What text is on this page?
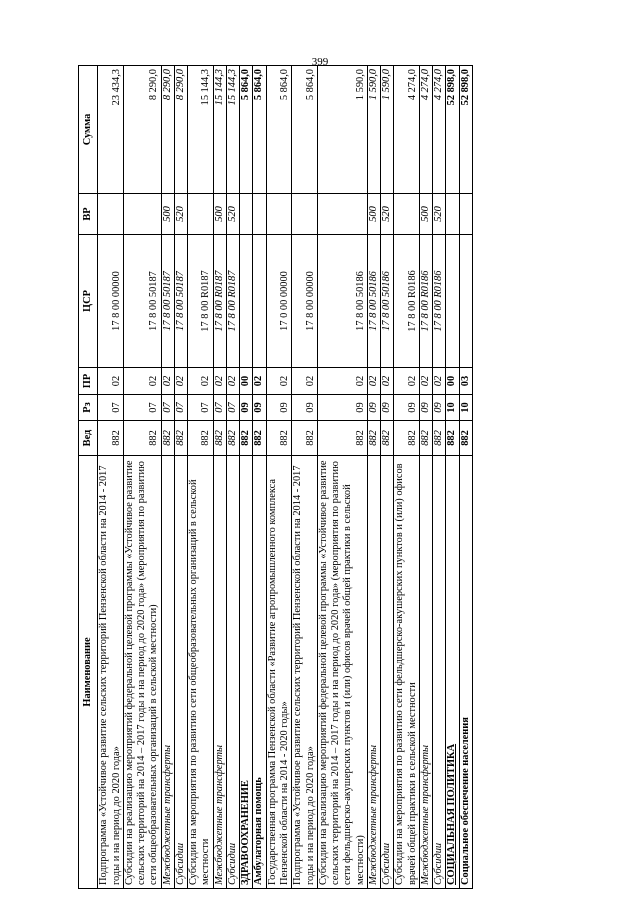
399
Наименование	Вед	Рз	ПР	ЦСР	ВР	Сумма
Подпрограмма «Устойчивое развитие сельских территорий Пензенской области на 2014 - 2017 годы и на период до 2020 года»	882	07	02	17 8 00 00000		23 434,3
Субсидии на реализацию мероприятий федеральной целевой программы «Устойчивое развитие сельских территорий на 2014 – 2017 годы и на период до 2020 года» (мероприятия по развитию сети общеобразовательных организаций в сельской местности)	882	07	02	17 8 00 50187		8 290,0
Межбюджетные трансферты	882	07	02	17 8 00 50187	500	8 290,0
Субсидии	882	07	02	17 8 00 50187	520	8 290,0
Субсидии на мероприятия по развитию сети общеобразовательных организаций в сельской местности	882	07	02	17 8 00 R0187		15 144,3
Межбюджетные трансферты	882	07	02	17 8 00 R0187	500	15 144,3
Субсидии	882	07	02	17 8 00 R0187	520	15 144,3
ЗДРАВООХРАНЕНИЕ	882	09	00			5 864,0
Амбулаторная помощь	882	09	02			5 864,0
Государственная программа Пензенской области «Развитие агропромышленного комплекса Пензенской области на 2014 - 2020 годы»	882	09	02	17 0 00 00000		5 864,0
Подпрограмма «Устойчивое развитие сельских территорий Пензенской области на 2014 - 2017 годы и на период до 2020 года»	882	09	02	17 8 00 00000		5 864,0
Субсидии на реализацию мероприятий федеральной целевой программы «Устойчивое развитие сельских территорий на 2014 – 2017 годы и на период до 2020 года» (мероприятия по развитию сети фельдшерско-акушерских пунктов и (или) офисов врачей общей практики в сельской местности)	882	09	02	17 8 00 50186		1 590,0
Межбюджетные трансферты	882	09	02	17 8 00 50186	500	1 590,0
Субсидии	882	09	02	17 8 00 50186	520	1 590,0
Субсидии на мероприятия по развитию сети фельдшерско-акушерских пунктов и (или) офисов врачей общей практики в сельской местности	882	09	02	17 8 00 R0186		4 274,0
Межбюджетные трансферты	882	09	02	17 8 00 R0186	500	4 274,0
Субсидии	882	09	02	17 8 00 R0186	520	4 274,0
СОЦИАЛЬНАЯ ПОЛИТИКА	882	10	00			52 898,0
Социальное обеспечение населения	882	10	03			52 898,0
